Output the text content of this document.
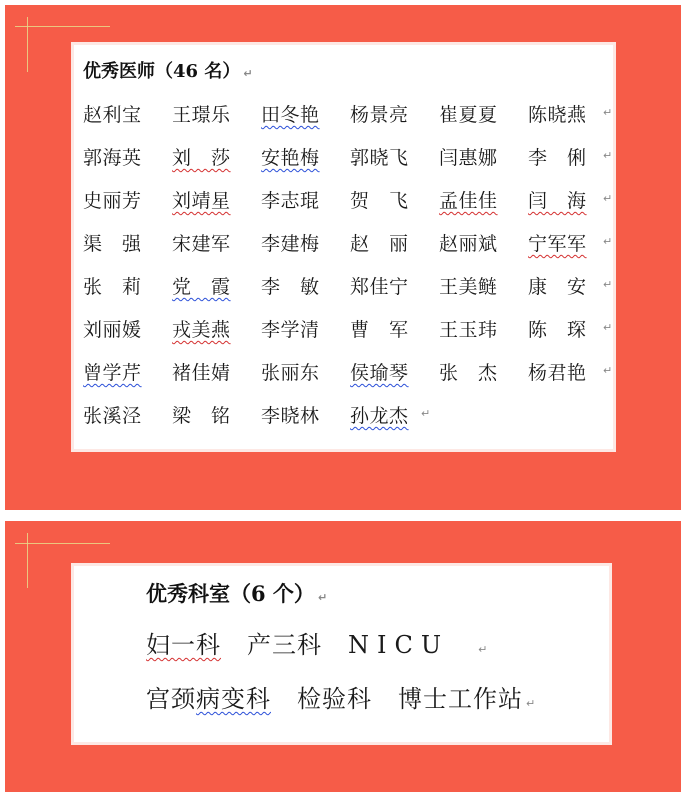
优秀医师（46 名） ↵
赵利宝	王璟乐	田冬艳	杨景亮	崔夏夏	陈晓燕	↵
郭海英	刘　莎	安艳梅	郭晓飞	闫惠娜	李　俐	↵
史丽芳	刘靖星	李志琨	贺　飞	孟佳佳	闫　海	↵
渠　强	宋建军	李建梅	赵　丽	赵丽斌	宁军军	↵
张　莉	党　霞	李　敏	郑佳宁	王美鲢	康　安	↵
刘丽媛	戎美燕	李学清	曹　军	王玉玮	陈　琛	↵
曾学芹	褚佳婧	张丽东	侯瑜琴	张　杰	杨君艳	↵
张溪泾	梁　铭	李晓林	孙龙杰	↵
优秀科室（6 个） ↵
妇一科 产三科 NICU	↵
宫颈病变科 检验科 博士工作站 ↵
